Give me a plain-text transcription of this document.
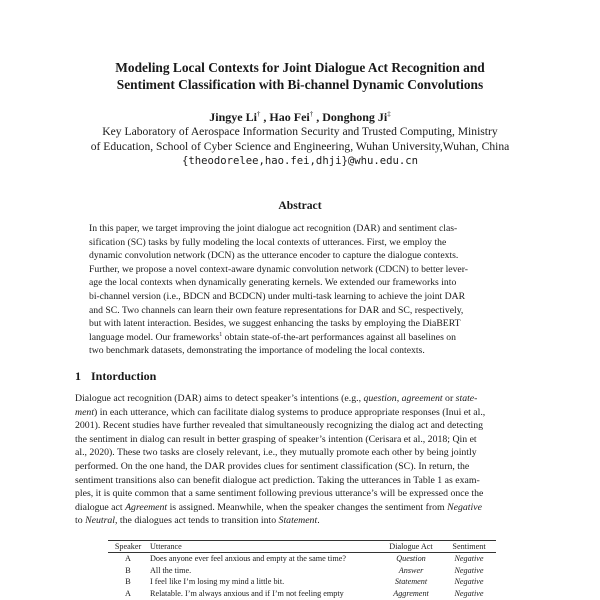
Modeling Local Contexts for Joint Dialogue Act Recognition and
Sentiment Classification with Bi-channel Dynamic Convolutions
Jingye Li† , Hao Fei† , Donghong Ji‡
Key Laboratory of Aerospace Information Security and Trusted Computing, Ministry
of Education, School of Cyber Science and Engineering, Wuhan University,Wuhan, China
{theodorelee,hao.fei,dhji}@whu.edu.cn
Abstract
In this paper, we target improving the joint dialogue act recognition (DAR) and sentiment clas-
sification (SC) tasks by fully modeling the local contexts of utterances. First, we employ the
dynamic convolution network (DCN) as the utterance encoder to capture the dialogue contexts.
Further, we propose a novel context-aware dynamic convolution network (CDCN) to better lever-
age the local contexts when dynamically generating kernels. We extended our frameworks into
bi-channel version (i.e., BDCN and BCDCN) under multi-task learning to achieve the joint DAR
and SC. Two channels can learn their own feature representations for DAR and SC, respectively,
but with latent interaction. Besides, we suggest enhancing the tasks by employing the DiaBERT
language model. Our frameworks$^1$ obtain state-of-the-art performances against all baselines on
two benchmark datasets, demonstrating the importance of modeling the local contexts.
1 Intorduction
Dialogue act recognition (DAR) aims to detect speaker’s intentions (e.g., question, agreement or state-
ment) in each utterance, which can facilitate dialog systems to produce appropriate responses (Inui et al.,
2001). Recent studies have further revealed that simultaneously recognizing the dialog act and detecting
the sentiment in dialog can result in better grasping of speaker’s intention (Cerisara et al., 2018; Qin et
al., 2020). These two tasks are closely relevant, i.e., they mutually promote each other by being jointly
performed. On the one hand, the DAR provides clues for sentiment classification (SC). In return, the
sentiment transitions also can benefit dialogue act prediction. Taking the utterances in Table 1 as exam-
ples, it is quite common that a same sentiment following previous utterance’s will be expressed once the
dialogue act Agreement is assigned. Meanwhile, when the speaker changes the sentiment from Negative
to Neutral, the dialogues act tends to transition into Statement.
Speaker	Utterance	Dialogue Act	Sentiment
A	Does anyone ever feel anxious and empty at the same time?	Question	Negative
B	All the time.	Answer	Negative
B	I feel like I’m losing my mind a little bit.	Statement	Negative
A	Relatable. I’m always anxious and if I’m not feeling empty	Aggrement	Negative
